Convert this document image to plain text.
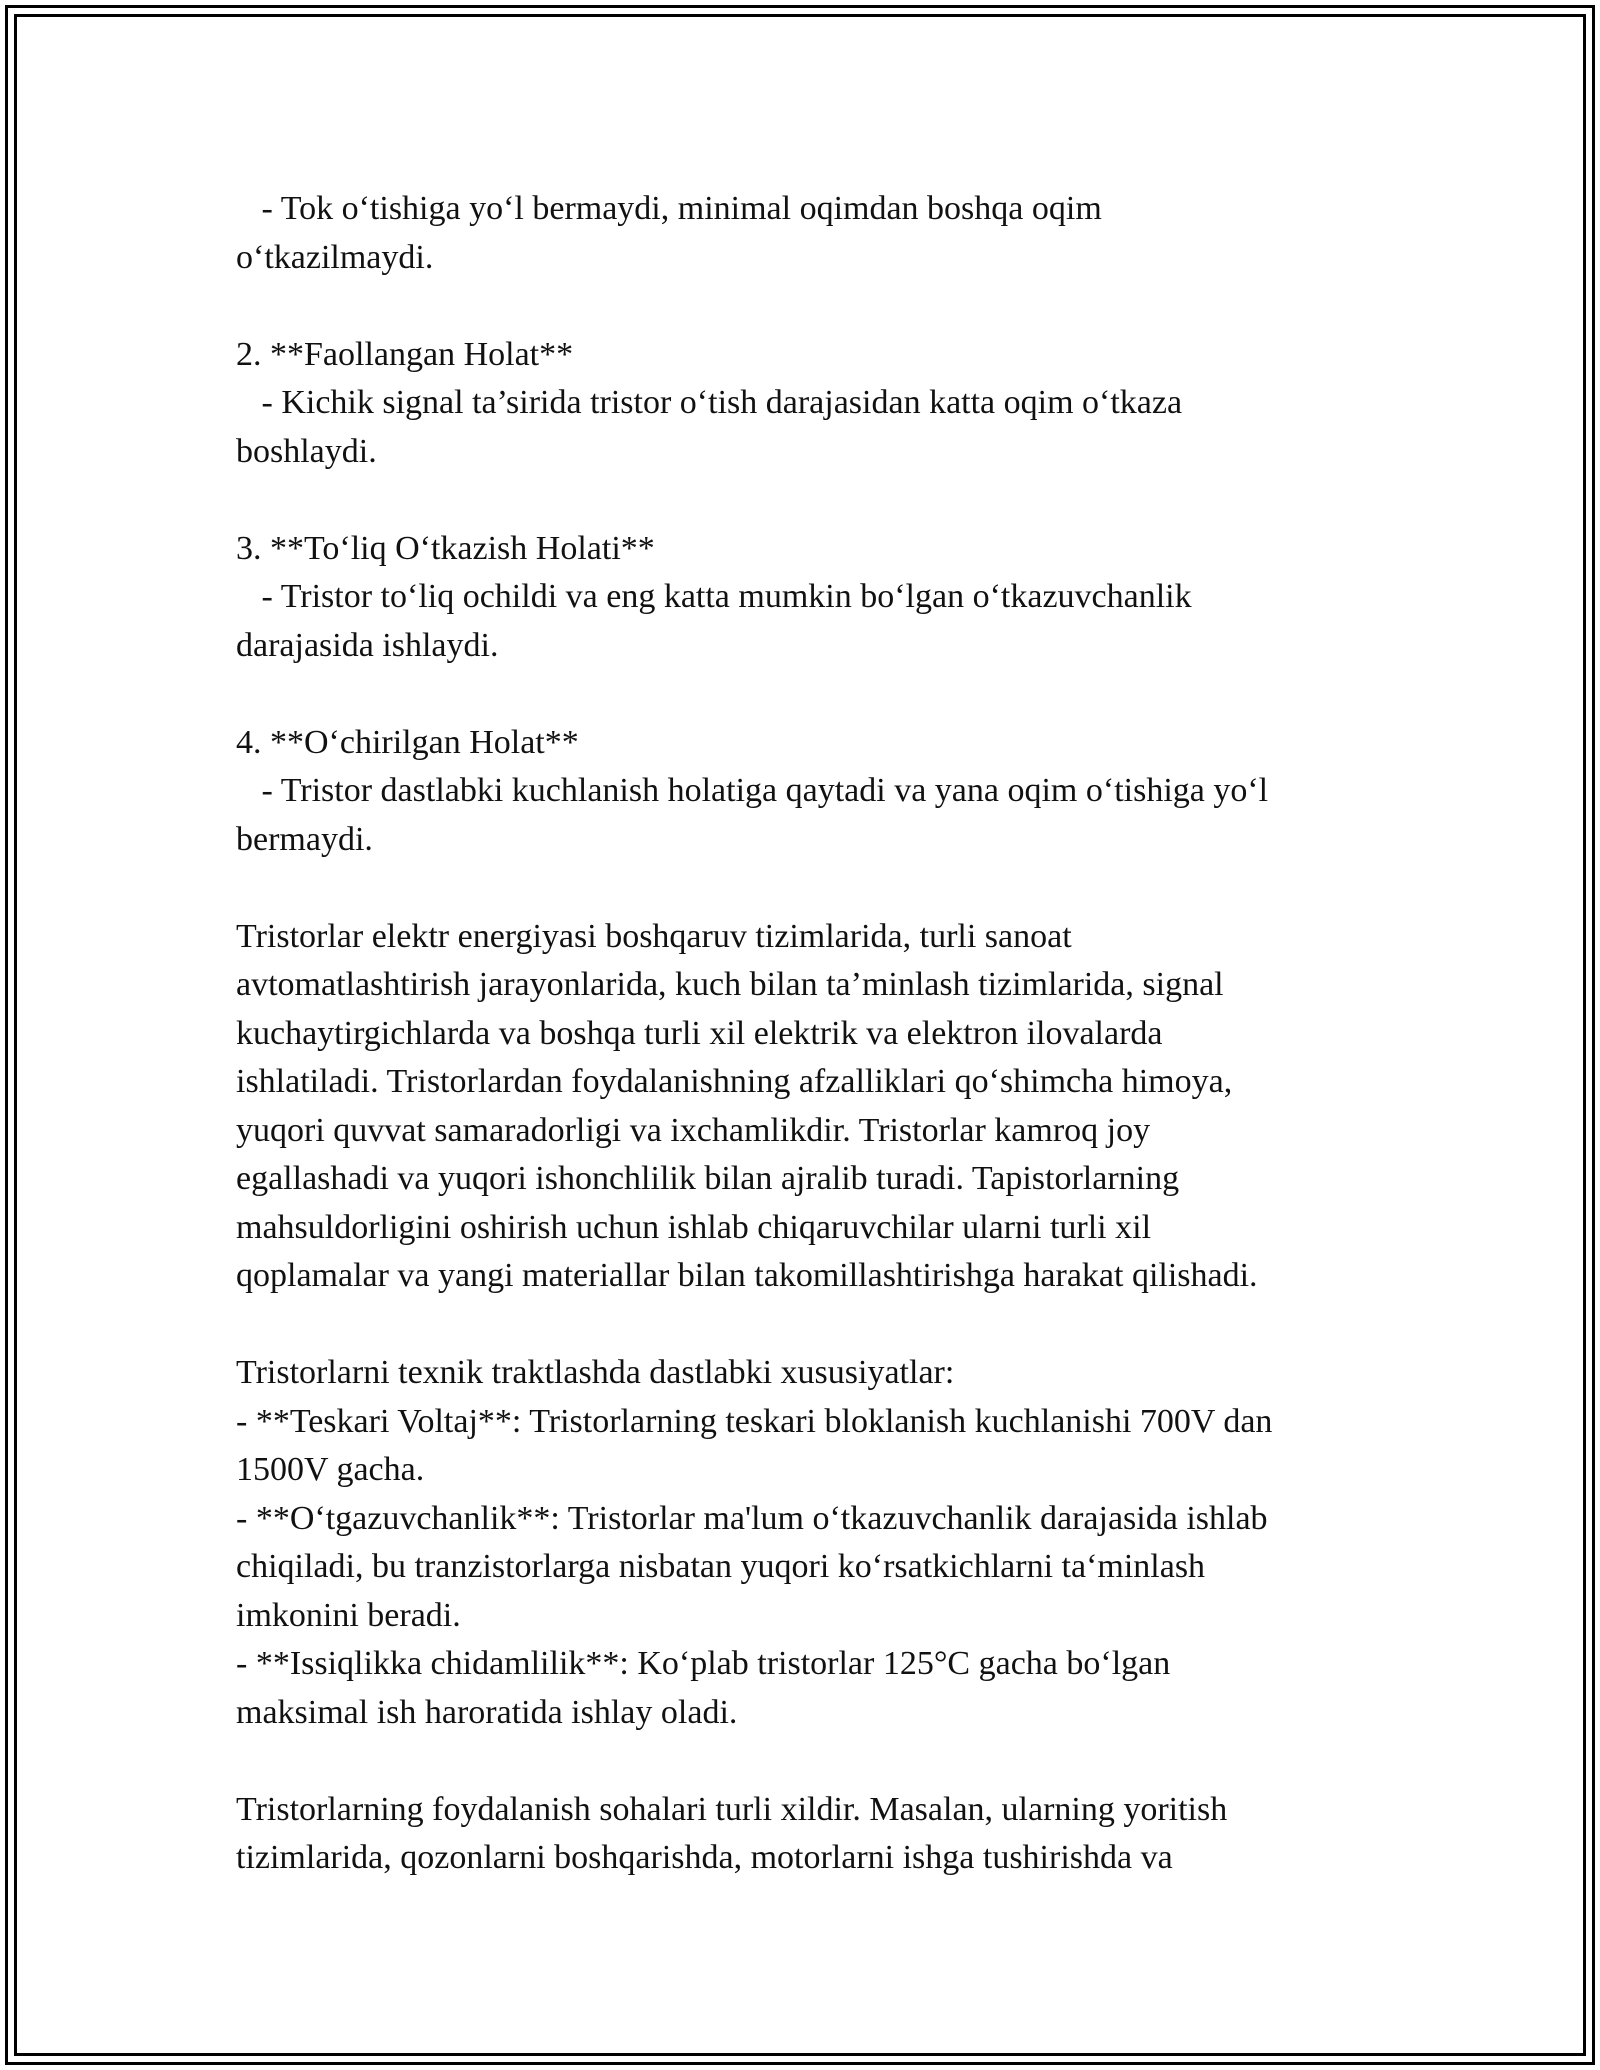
- Tok o‘tishiga yo‘l bermaydi, minimal oqimdan boshqa oqim
o‘tkazilmaydi.
2. **Faollangan Holat**
- Kichik signal ta’sirida tristor o‘tish darajasidan katta oqim o‘tkaza
boshlaydi.
3. **To‘liq O‘tkazish Holati**
- Tristor to‘liq ochildi va eng katta mumkin bo‘lgan o‘tkazuvchanlik
darajasida ishlaydi.
4. **O‘chirilgan Holat**
- Tristor dastlabki kuchlanish holatiga qaytadi va yana oqim o‘tishiga yo‘l
bermaydi.
Tristorlar elektr energiyasi boshqaruv tizimlarida, turli sanoat
avtomatlashtirish jarayonlarida, kuch bilan ta’minlash tizimlarida, signal
kuchaytirgichlarda va boshqa turli xil elektrik va elektron ilovalarda
ishlatiladi. Tristorlardan foydalanishning afzalliklari qo‘shimcha himoya,
yuqori quvvat samaradorligi va ixchamlikdir. Tristorlar kamroq joy
egallashadi va yuqori ishonchlilik bilan ajralib turadi. Tapistorlarning
mahsuldorligini oshirish uchun ishlab chiqaruvchilar ularni turli xil
qoplamalar va yangi materiallar bilan takomillashtirishga harakat qilishadi.
Tristorlarni texnik traktlashda dastlabki xususiyatlar:
- **Teskari Voltaj**: Tristorlarning teskari bloklanish kuchlanishi 700V dan
1500V gacha.
- **O‘tgazuvchanlik**: Tristorlar ma'lum o‘tkazuvchanlik darajasida ishlab
chiqiladi, bu tranzistorlarga nisbatan yuqori ko‘rsatkichlarni ta‘minlash
imkonini beradi.
- **Issiqlikka chidamlilik**: Ko‘plab tristorlar 125°C gacha bo‘lgan
maksimal ish haroratida ishlay oladi.
Tristorlarning foydalanish sohalari turli xildir. Masalan, ularning yoritish
tizimlarida, qozonlarni boshqarishda, motorlarni ishga tushirishda va
